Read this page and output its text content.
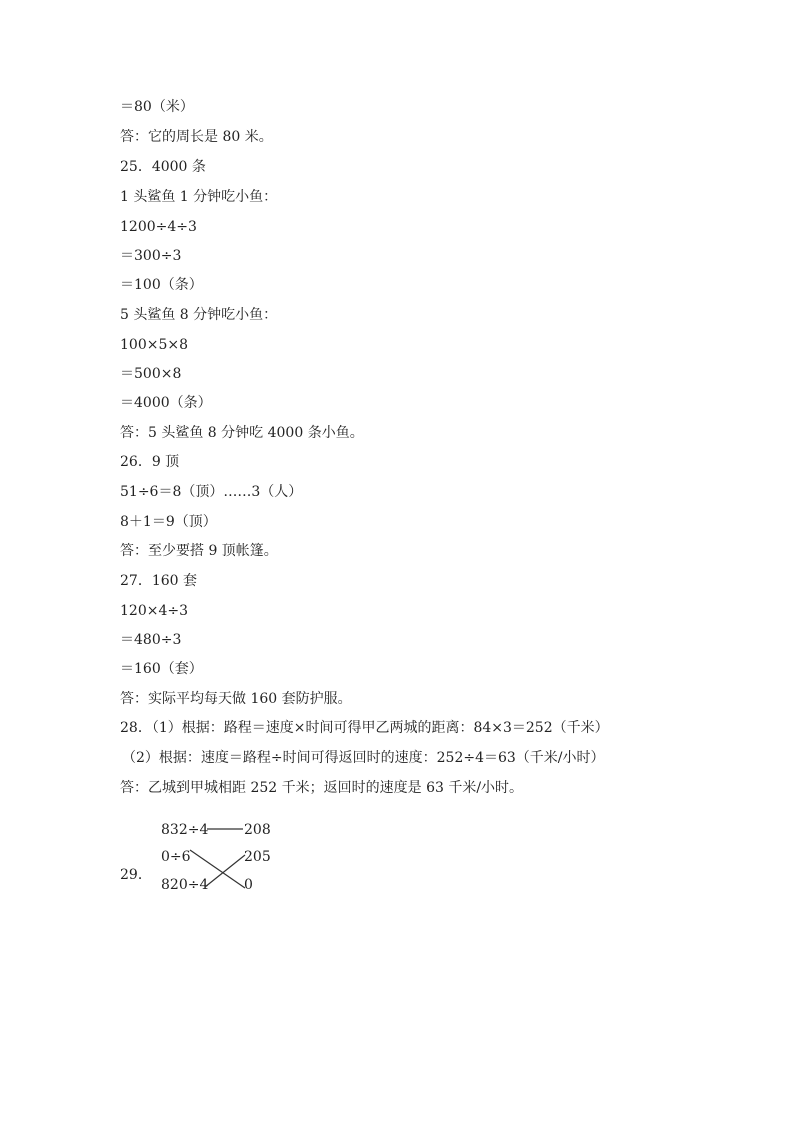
＝80（米）
答：它的周长是 80 米。
25．4000 条
1 头鲨鱼 1 分钟吃小鱼：
1200÷4÷3
＝300÷3
＝100（条）
5 头鲨鱼 8 分钟吃小鱼：
100×5×8
＝500×8
＝4000（条）
答：5 头鲨鱼 8 分钟吃 4000 条小鱼。
26．9 顶
51÷6＝8（顶）……3（人）
8＋1＝9（顶）
答：至少要搭 9 顶帐篷。
27．160 套
120×4÷3
＝480÷3
＝160（套）
答：实际平均每天做 160 套防护服。
28．（1）根据：路程＝速度×时间可得甲乙两城的距离：84×3＝252（千米）
（2）根据：速度＝路程÷时间可得返回时的速度：252÷4＝63（千米/小时）
答：乙城到甲城相距 252 千米；返回时的速度是 63 千米/小时。
29．
832÷4
0÷6
820÷4
208
205
0
